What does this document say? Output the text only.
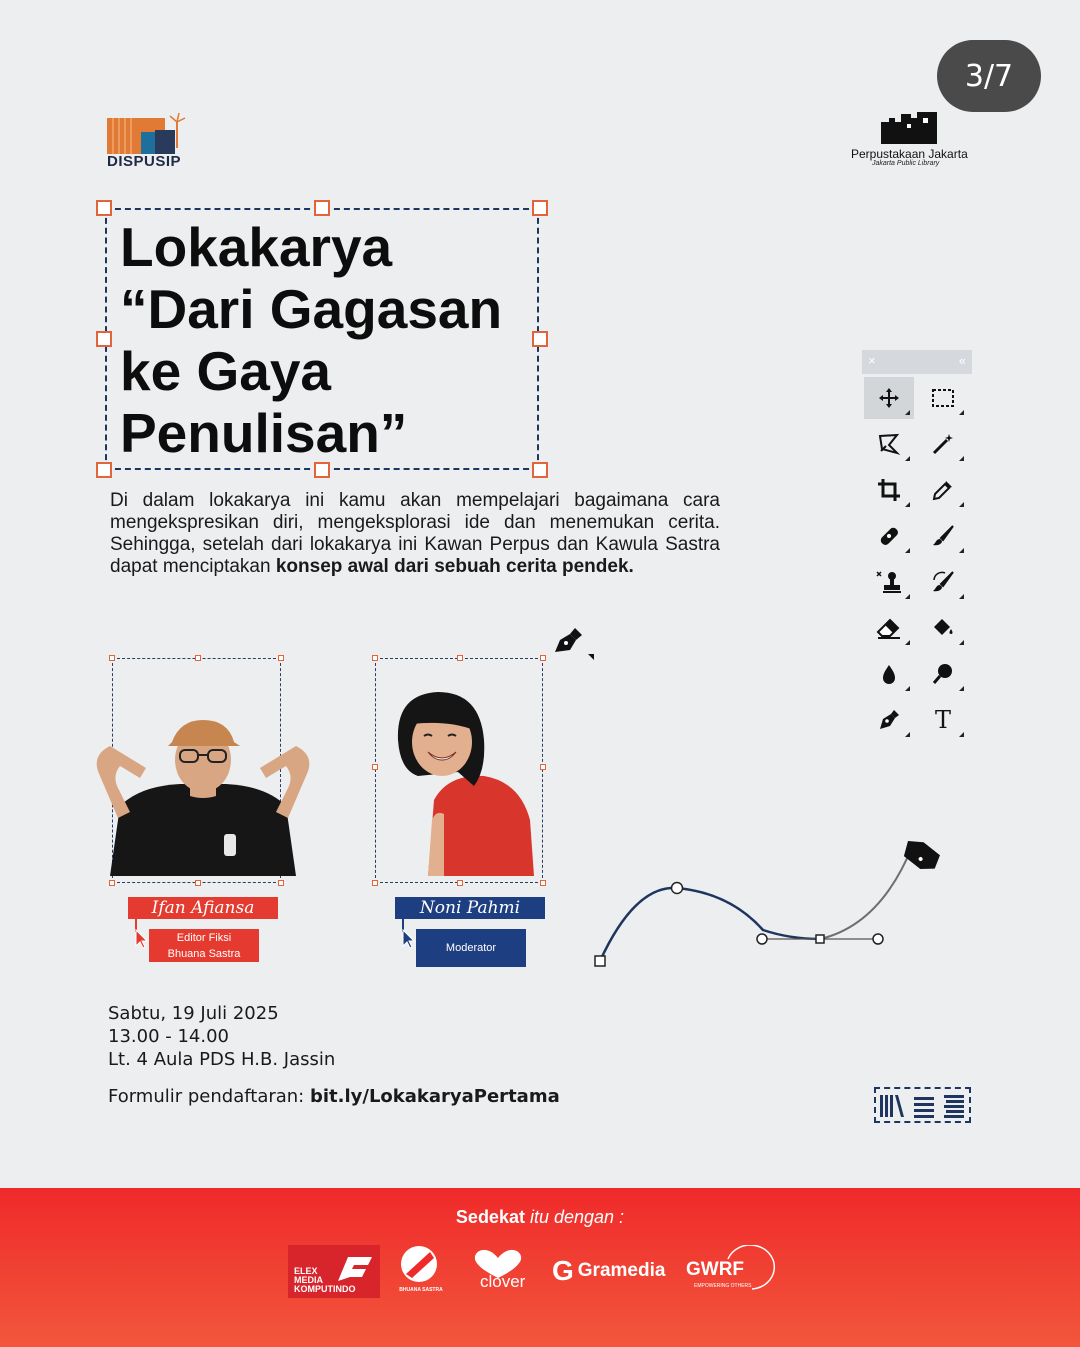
3/7
DISPUSIP	Perpustakaan Jakarta
Jakarta Public Library
Lokakarya
“Dari Gagasan
ke Gaya
Penulisan”

Di dalam lokakarya ini kamu akan mempelajari bagaimana cara mengekspresikan diri, mengeksplorasi ide dan menemukan cerita. Sehingga, setelah dari lokakarya ini Kawan Perpus dan Kawula Sastra dapat menciptakan konsep awal dari sebuah cerita pendek.

×	«
T
Ifan Afiansa
Editor Fiksi
Bhuana Sastra
Noni Pahmi
Moderator
Sabtu, 19 Juli 2025
13.00 - 14.00
Lt. 4 Aula PDS H.B. Jassin
Formulir pendaftaran: bit.ly/LokakaryaPertama
Sedekat itu dengan :
ELEX
MEDIA
KOMPUTINDO	BHUANA SASTRA clover G Gramedia GWRF
EMPOWERING OTHERS
